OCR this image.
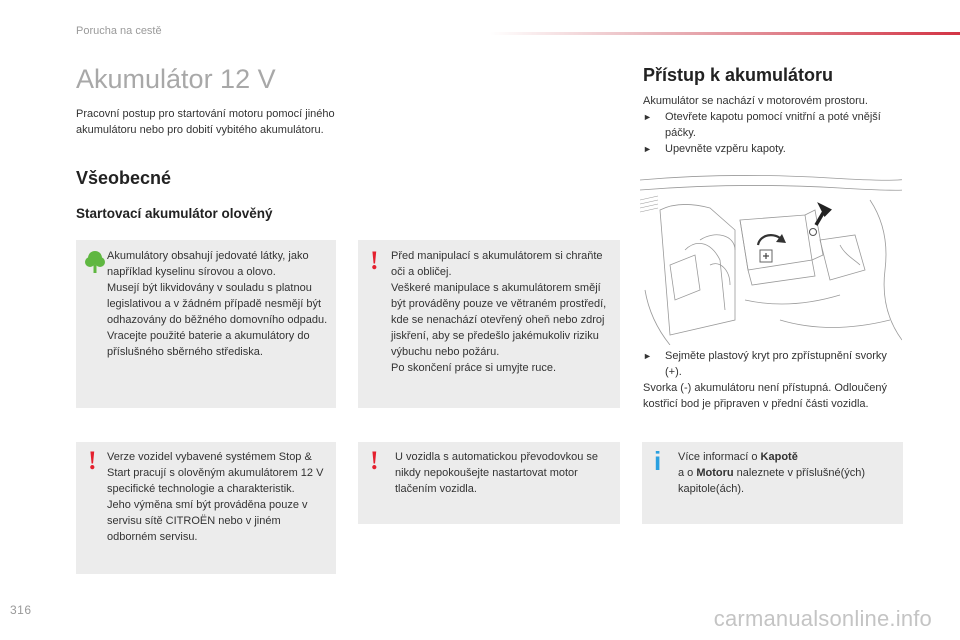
Porucha na cestě
Akumulátor 12 V
Pracovní postup pro startování motoru pomocí jiného akumulátoru nebo pro dobití vybitého akumulátoru.
Všeobecné
Startovací akumulátor olověný

Akumulátory obsahují jedovaté látky, jako například kyselinu sírovou a olovo.

Musejí být likvidovány v souladu s platnou legislativou a v žádném případě nesmějí být odhazovány do běžného domovního odpadu.

Vracejte použité baterie a akumulátory do příslušného sběrného střediska.

! Verze vozidel vybavené systémem Stop & Start pracují s olověným akumulátorem 12 V specifické technologie a charakteristik.

Jeho výměna smí být prováděna pouze v servisu sítě CITROËN nebo v jiném odborném servisu.

! Před manipulací s akumulátorem si chraňte oči a obličej.

Veškeré manipulace s akumulátorem smějí být prováděny pouze ve větraném prostředí, kde se nenachází otevřený oheň nebo zdroj jiskření, aby se předešlo jakémukoliv riziku výbuchu nebo požáru.

Po skončení práce si umyjte ruce.

! U vozidla s automatickou převodovkou se nikdy nepokoušejte nastartovat motor tlačením vozidla.
Přístup k akumulátoru

Akumulátor se nachází v motorovém prostoru.

► Otevřete kapotu pomocí vnitřní a poté vnější páčky.

► Upevněte vzpěru kapoty.

► Sejměte plastový kryt pro zpřístupnění svorky (+).

Svorka (-) akumulátoru není přístupná. Odloučený kostřicí bod je připraven v přední části vozidla.

i Více informací o Kapotě
a o Motoru naleznete v příslušné(ých) kapitole(ách).
316	carmanualsonline.info
